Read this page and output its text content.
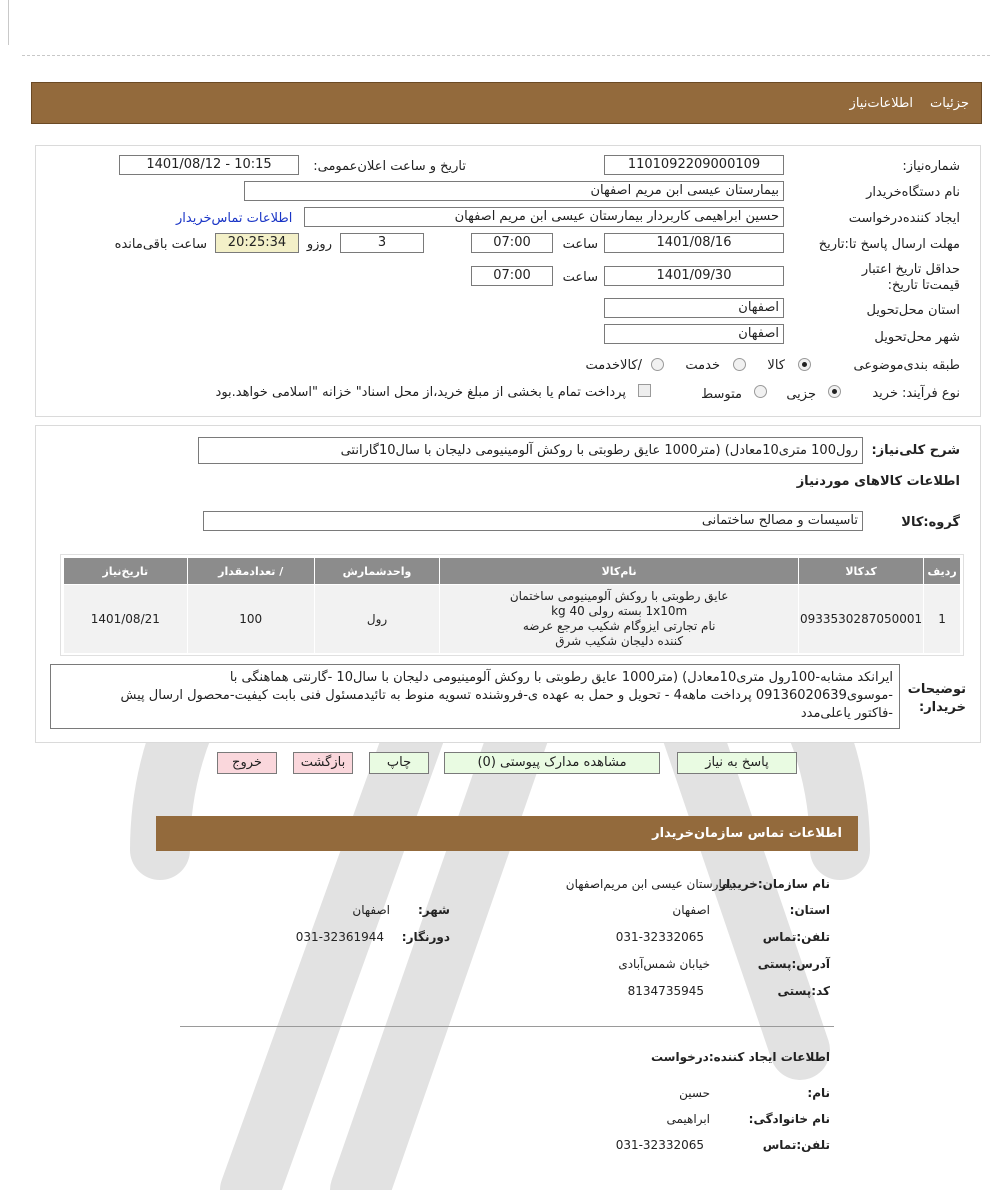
جزئیات
اطلاعات‌نیاز
شماره‌نیاز:
1101092209000109
تاریخ و ساعت اعلان‌عمومی:
1401/08/12 - 10:15
نام دستگاه‌خریدار
بیمارستان عیسی ابن مریم اصفهان
ایجاد کننده‌درخواست
حسین ابراهیمی کاربردار بیمارستان عیسی ابن مریم اصفهان
اطلاعات تماس‌خریدار
مهلت ارسال پاسخ تا:تاریخ
1401/08/16
ساعت
07:00
3
روزو
20:25:34
ساعت باقی‌مانده
حداقل تاریخ اعتبار قیمت‌تا تاریخ:
1401/09/30
ساعت
07:00
استان محل‌تحویل
اصفهان
شهر محل‌تحویل
اصفهان
طبقه بندی‌موضوعی
کالا
خدمت
/کالاخدمت
نوع فرآیند:
خرید
جزیی
متوسط
پرداخت تمام یا بخشی از مبلغ خرید،از محل اسناد" خزانه "اسلامی خواهد.بود
شرح کلی‌نیاز:
رول100 متری10معادل) (متر1000 عایق رطوبتی با روکش آلومینیومی دلیجان با سال10گارانتی
اطلاعات کالاهای موردنیاز
گروه:کالا
تاسیسات و مصالح ساختمانی
ردیف	کدکالا	نام‌کالا	واحدشمارش	/ تعدادمقدار	تاریخ‌نیاز
1	0933530287050001	عایق رطوبتی با روکش آلومینیومی ساختمان
1x10m بسته رولی kg 40
نام تجارتی ایزوگام شکیب مرجع عرضه
کننده دلیجان شکیب شرق	رول	100	1401/08/21
توضیحات خریدار:
ایرانکد مشابه-100رول متری10معادل) (متر1000 عایق رطوبتی با روکش آلومینیومی دلیجان با سال10 -گارنتی هماهنگی با
-موسوی09136020639 پرداخت ماهه4 - تحویل و حمل به عهده ی-فروشنده تسویه منوط به تائیدمسئول فنی بابت کیفیت-محصول ارسال پیش
-فاکتور یاعلی‌مدد
پاسخ به نیاز
مشاهده مدارک پیوستی (0)
چاپ
بازگشت
خروج
اطلاعات تماس سازمان‌خریدار
نام سازمان:خریدار
بیمارستان عیسی ابن مریم‌اصفهان
استان:
اصفهان
شهر:
اصفهان
تلفن:تماس
031-32332065
دورنگار:
031-32361944
آدرس:پستی
خیابان شمس‌آبادی
کد:پستی
8134735945
اطلاعات ایجاد کننده:درخواست
نام:
حسین
نام خانوادگی:
ابراهیمی
تلفن:تماس
031-32332065
